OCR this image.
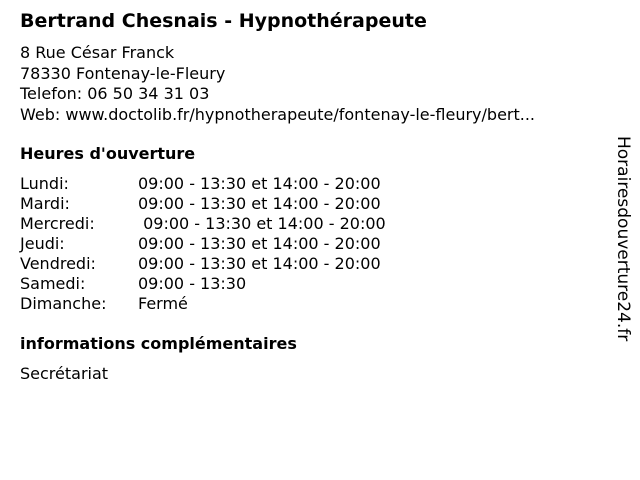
Bertrand Chesnais - Hypnothérapeute
8 Rue César Franck
78330 Fontenay-le-Fleury
Telefon: 06 50 34 31 03
Web: www.doctolib.fr/hypnotherapeute/fontenay-le-fleury/bert...
Heures d'ouverture
Lundi:	09:00 - 13:30 et 14:00 - 20:00
Mardi:	09:00 - 13:30 et 14:00 - 20:00
Mercredi:	09:00 - 13:30 et 14:00 - 20:00
Jeudi:	09:00 - 13:30 et 14:00 - 20:00
Vendredi:	09:00 - 13:30 et 14:00 - 20:00
Samedi:	09:00 - 13:30
Dimanche: Fermé
informations complémentaires
Secrétariat
Horairesdouverture24.fr
